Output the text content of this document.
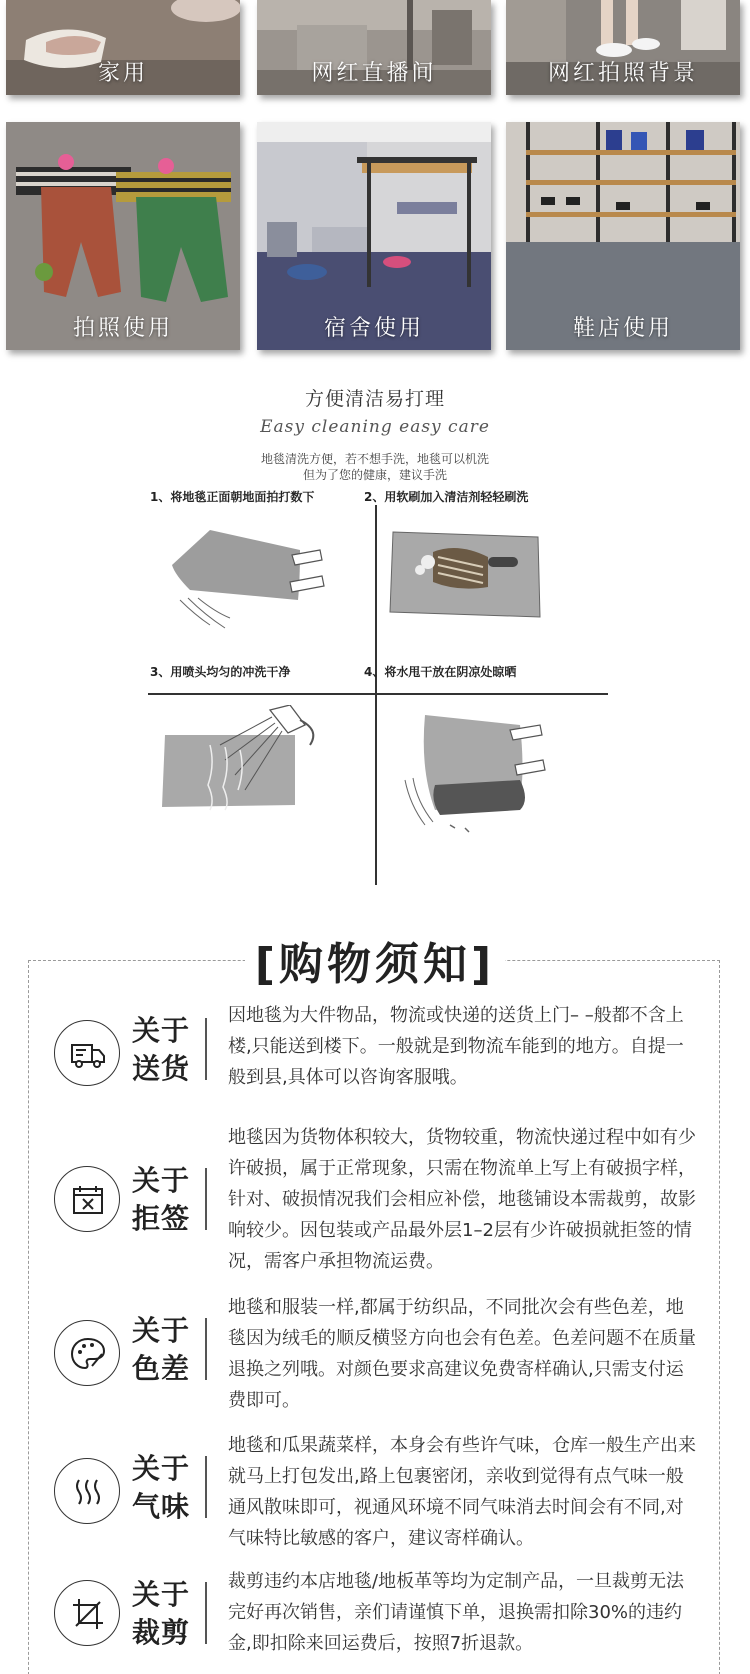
家用	网红直播间	网红拍照背景
拍照使用	宿舍使用	鞋店使用
方便清洁易打理
Easy cleaning easy care
地毯清洗方便，若不想手洗，地毯可以机洗
但为了您的健康，建议手洗
1、将地毯正面朝地面拍打数下	2、用软刷加入清洁剂轻轻刷洗
3、用喷头均匀的冲洗干净	4、将水甩干放在阴凉处晾晒
[购物须知]
关于
送货
因地毯为大件物品，物流或快递的送货上门– –般都不含上楼,只能送到楼下。一般就是到物流车能到的地方。自提一般到县,具体可以咨询客服哦。
关于
拒签
地毯因为货物体积较大，货物较重，物流快递过程中如有少许破损，属于正常现象，只需在物流单上写上有破损字样，针对、破损情况我们会相应补偿，地毯铺设本需裁剪，故影响较少。因包装或产品最外层1–2层有少许破损就拒签的情况，需客户承担物流运费。
关于
色差
地毯和服装一样,都属于纺织品，不同批次会有些色差，地毯因为绒毛的顺反横竖方向也会有色差。色差问题不在质量退换之列哦。对颜色要求高建议免费寄样确认,只需支付运费即可。
关于
气味
地毯和瓜果蔬菜样，本身会有些许气味，仓库一般生产出来就马上打包发出,路上包裹密闭，亲收到觉得有点气味一般通风散味即可，视通风环境不同气味消去时间会有不同,对气味特比敏感的客户，建议寄样确认。
关于
裁剪
裁剪违约本店地毯/地板革等均为定制产品，一旦裁剪无法完好再次销售，亲们请谨慎下单，退换需扣除30%的违约金,即扣除来回运费后，按照7折退款。
